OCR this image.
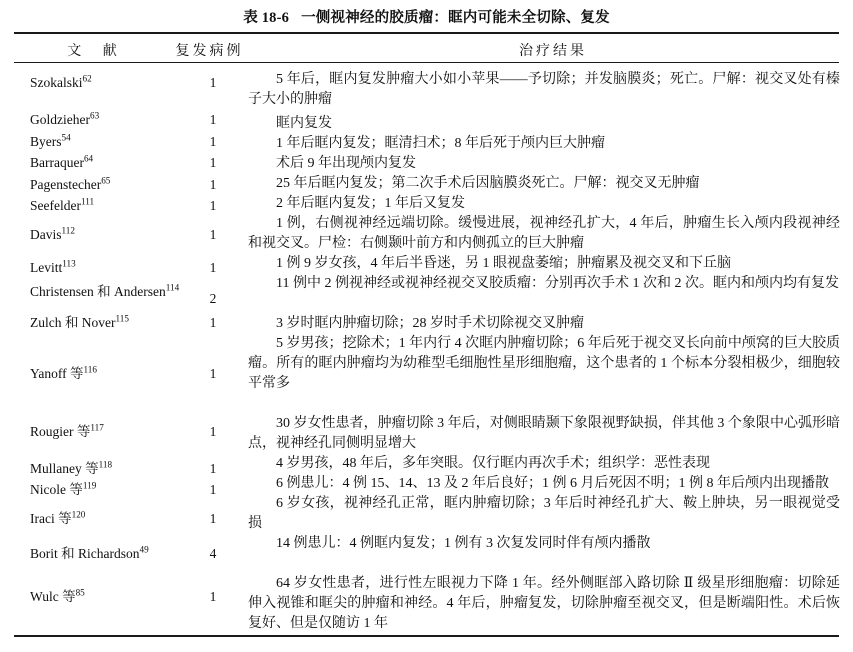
表 18-6 一侧视神经的胶质瘤：眶内可能未全切除、复发
文 献	复发病例	治疗结果
Szokalski$^{62}$
Goldzieher$^{63}$
Byers$^{54}$
Barraquer$^{64}$
Pagenstecher$^{65}$
Seefelder$^{111}$
Davis$^{112}$
Levitt$^{113}$
Christensen 和 Andersen$^{114}$
Zulch 和 Nover$^{115}$
Yanoff 等$^{116}$
Rougier 等$^{117}$
Mullaney 等$^{118}$
Nicole 等$^{119}$
Iraci 等$^{120}$
Borit 和 Richardson$^{49}$
Wulc 等$^{85}$
1
1
1
1
1
1
1
1
2
1
1
1
1
1
1
4
1
5 年后，眶内复发肿瘤大小如小苹果——予切除；并发脑膜炎；死亡。尸解：视交叉处有榛子大小的肿瘤
眶内复发
1 年后眶内复发；眶清扫术；8 年后死于颅内巨大肿瘤
术后 9 年出现颅内复发
25 年后眶内复发；第二次手术后因脑膜炎死亡。尸解：视交叉无肿瘤
2 年后眶内复发；1 年后又复发
1 例，右侧视神经远端切除。缓慢进展，视神经孔扩大，4 年后，肿瘤生长入颅内段视神经和视交叉。尸检：右侧颞叶前方和内侧孤立的巨大肿瘤
1 例 9 岁女孩，4 年后半昏迷，另 1 眼视盘萎缩；肿瘤累及视交叉和下丘脑
11 例中 2 例视神经或视神经视交叉胶质瘤：分别再次手术 1 次和 2 次。眶内和颅内均有复发
3 岁时眶内肿瘤切除；28 岁时手术切除视交叉肿瘤
5 岁男孩；挖除术；1 年内行 4 次眶内肿瘤切除；6 年后死于视交叉长向前中颅窝的巨大胶质瘤。所有的眶内肿瘤均为幼稚型毛细胞性星形细胞瘤，这个患者的 1 个标本分裂相极少，细胞较平常多
30 岁女性患者，肿瘤切除 3 年后，对侧眼睛颞下象限视野缺损，伴其他 3 个象限中心弧形暗点，视神经孔同侧明显增大
4 岁男孩，48 年后，多年突眼。仅行眶内再次手术；组织学：恶性表现
6 例患儿：4 例 15、14、13 及 2 年后良好；1 例 6 月后死因不明；1 例 8 年后颅内出现播散
6 岁女孩，视神经孔正常，眶内肿瘤切除；3 年后时神经孔扩大、鞍上肿块，另一眼视觉受损
14 例患儿：4 例眶内复发；1 例有 3 次复发同时伴有颅内播散
64 岁女性患者，进行性左眼视力下降 1 年。经外侧眶部入路切除 Ⅱ 级星形细胞瘤：切除延伸入视锥和眶尖的肿瘤和神经。4 年后，肿瘤复发，切除肿瘤至视交叉，但是断端阳性。术后恢复好、但是仅随访 1 年
